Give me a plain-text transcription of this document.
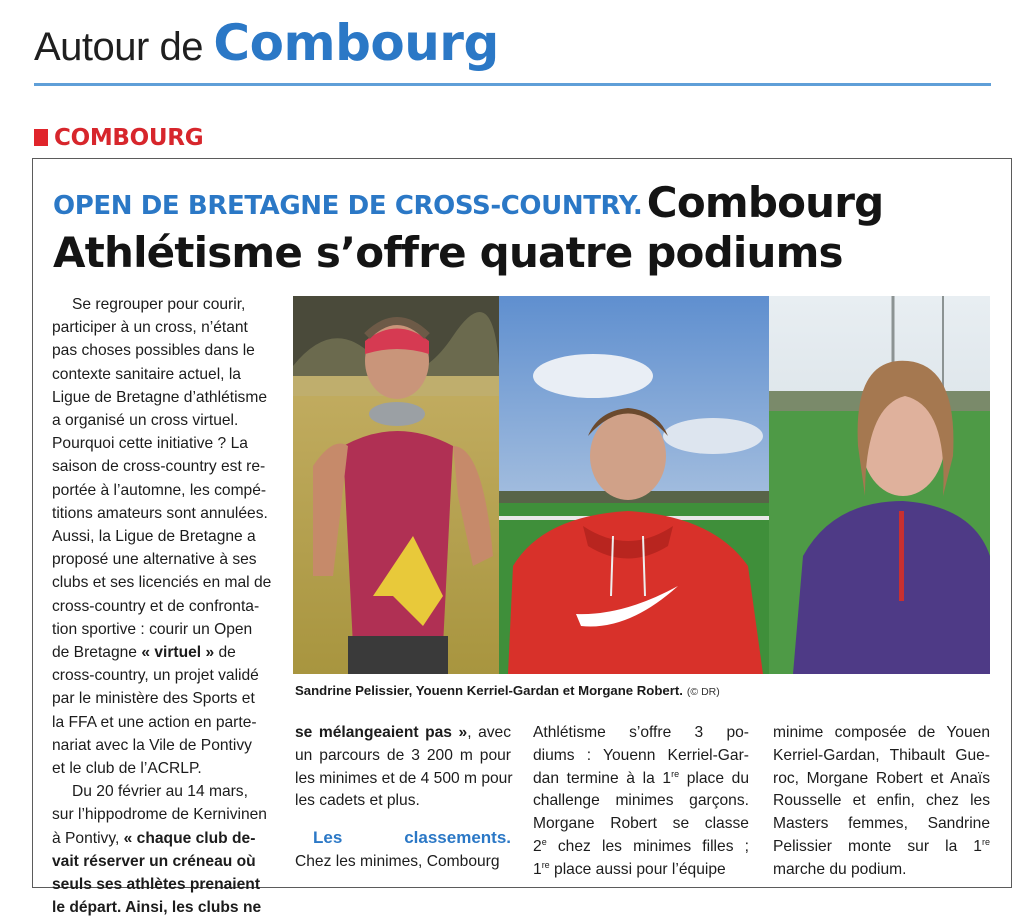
Autour de Combourg
COMBOURG
OPEN DE BRETAGNE DE CROSS-COUNTRY. Combourg
Athlétisme s’offre quatre podiums

Se regrouper pour courir,

participer à un cross, n’étant
pas choses possibles dans le
contexte sanitaire actuel, la
Ligue de Bretagne d’athlétisme
a organisé un cross virtuel.
Pourquoi cette initiative ? La
saison de cross-country est re-
portée à l’automne, les compé-
titions amateurs sont annulées.
Aussi, la Ligue de Bretagne a
proposé une alternative à ses
clubs et ses licenciés en mal de
cross-country et de confronta-
tion sportive : courir un Open
de Bretagne « virtuel » de
cross-country, un projet validé
par le ministère des Sports et
la FFA et une action en parte-
nariat avec la Vile de Pontivy
et le club de l’ACRLP.

Du 20 février au 14 mars,

sur l’hippodrome de Kernivinen
à Pontivy, « chaque club de-
vait réserver un créneau où
seuls ses athlètes prenaient
le départ. Ainsi, les clubs ne
Sandrine Pelissier, Youenn Kerriel-Gardan et Morgane Robert. (© DR)
se mélangeaient pas », avec
un parcours de 3 200 m pour
les minimes et de 4 500 m pour
les cadets et plus.
Les classements.
Chez les minimes, Combourg
Athlétisme s’offre 3 po-
diums : Youenn Kerriel-Gar-
dan termine à la 1re place du
challenge minimes garçons.
Morgane Robert se classe
2e chez les minimes filles ;
1re place aussi pour l’équipe
minime composée de Youen
Kerriel-Gardan, Thibault Gue-
roc, Morgane Robert et Anaïs
Rousselle et enfin, chez les
Masters femmes, Sandrine
Pelissier monte sur la 1re
marche du podium.
